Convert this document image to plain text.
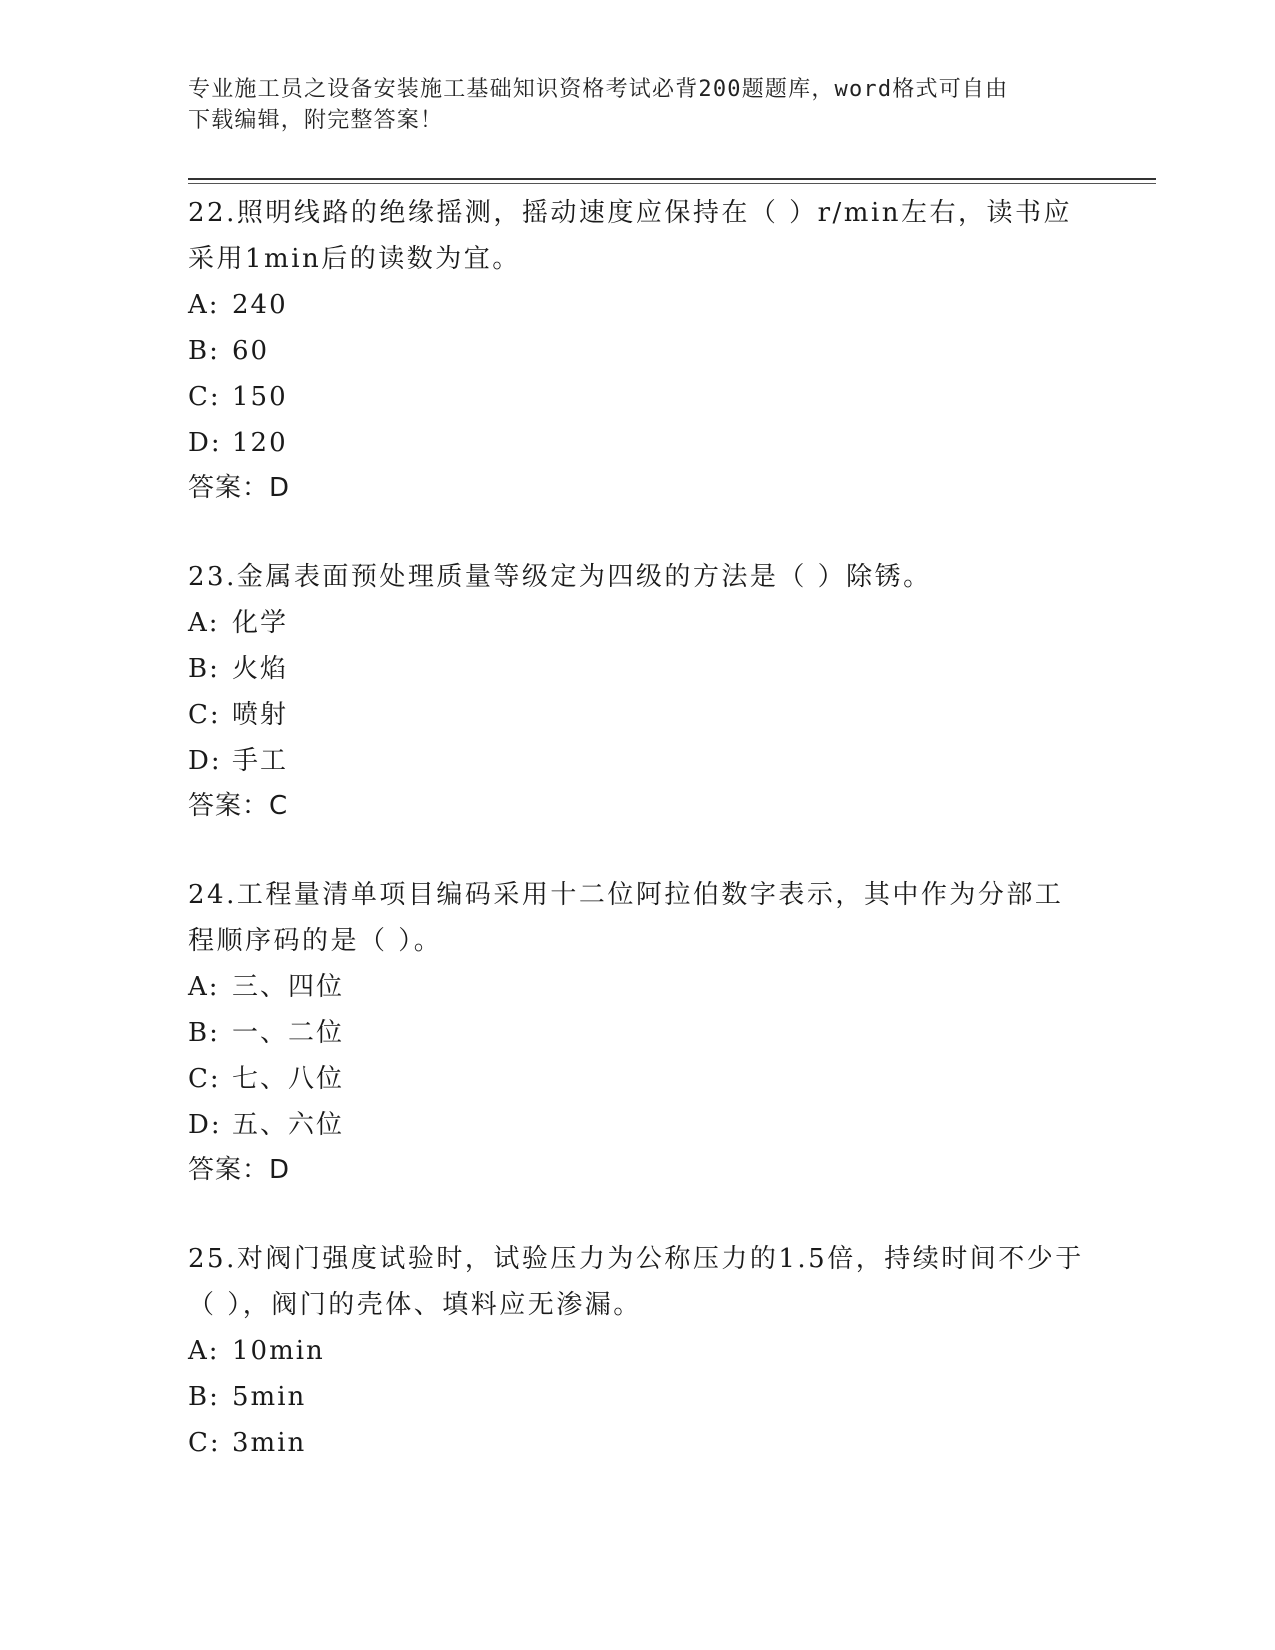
专业施工员之设备安装施工基础知识资格考试必背200题题库，word格式可自由
下载编辑，附完整答案！

22.照明线路的绝缘摇测，摇动速度应保持在（ ）r/min左右，读书应采用1min后的读数为宜。

A: 240

B: 60

C: 150

D: 120

答案：D

23.金属表面预处理质量等级定为四级的方法是（ ）除锈。

A: 化学

B: 火焰

C: 喷射

D: 手工

答案：C

24.工程量清单项目编码采用十二位阿拉伯数字表示，其中作为分部工程顺序码的是（ ）。

A: 三、四位

B: 一、二位

C: 七、八位

D: 五、六位

答案：D

25.对阀门强度试验时，试验压力为公称压力的1.5倍，持续时间不少于（ ），阀门的壳体、填料应无渗漏。

A: 10min

B: 5min

C: 3min
